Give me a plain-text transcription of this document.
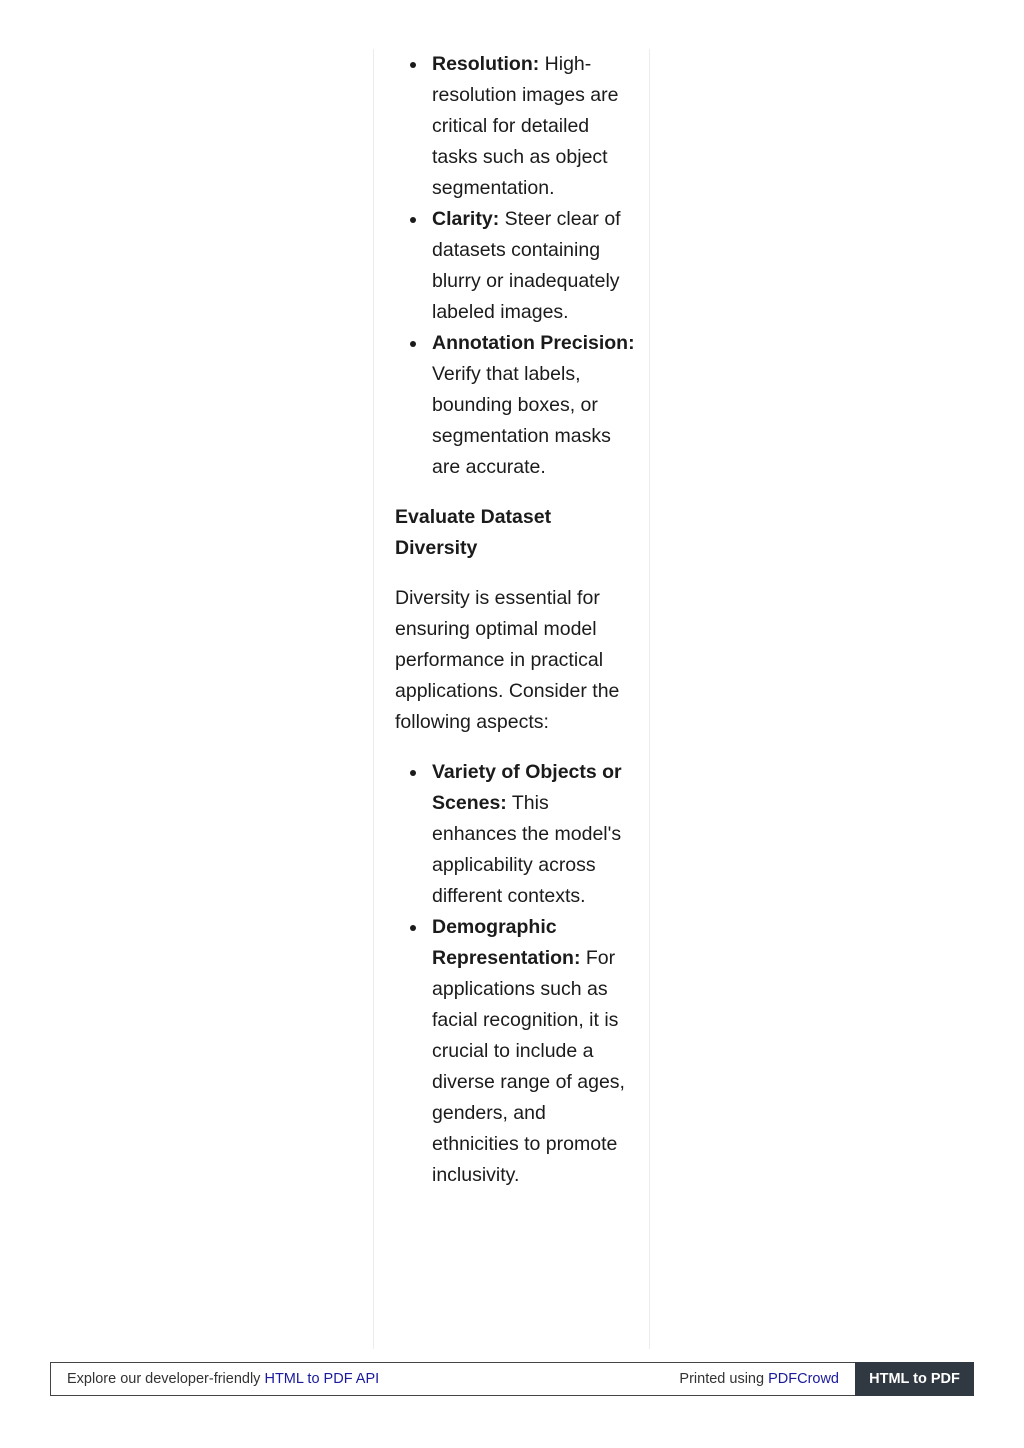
Resolution: High-resolution images are critical for detailed tasks such as object segmentation.
Clarity: Steer clear of datasets containing blurry or inadequately labeled images.
Annotation Precision: Verify that labels, bounding boxes, or segmentation masks are accurate.
Evaluate Dataset Diversity

Diversity is essential for ensuring optimal model performance in practical applications. Consider the following aspects:

Variety of Objects or Scenes: This enhances the model's applicability across different contexts.
Demographic Representation: For applications such as facial recognition, it is crucial to include a diverse range of ages, genders, and ethnicities to promote inclusivity.
Explore our developer-friendly HTML to PDF API	Printed using PDFCrowd	HTML to PDF
